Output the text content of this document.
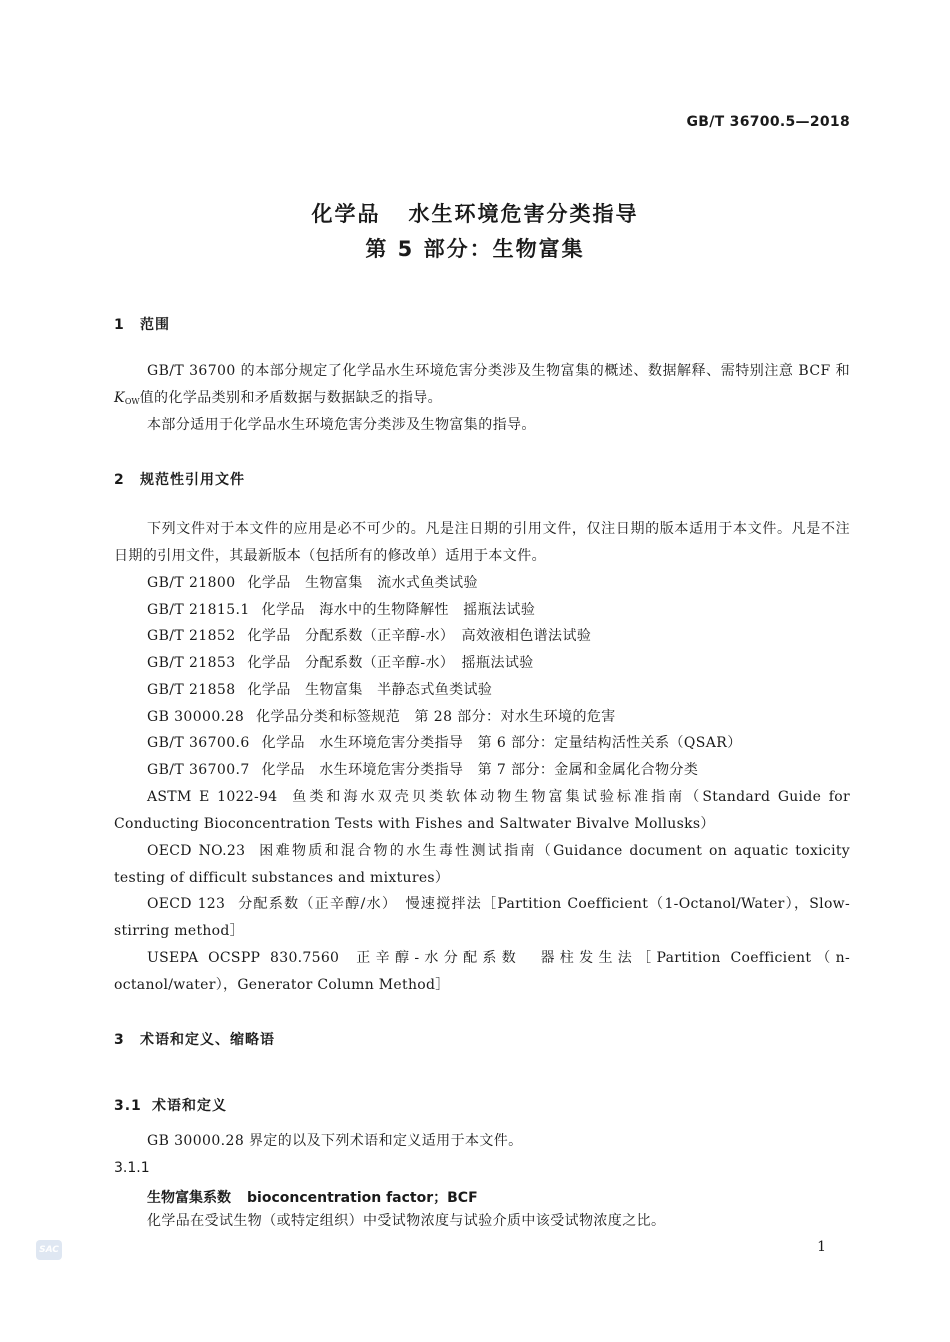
GB/T 36700.5—2018
化学品 水生环境危害分类指导
第 5 部分：生物富集
1 范围
GB/T 36700 的本部分规定了化学品水生环境危害分类涉及生物富集的概述、数据解释、需特别注意 BCF 和 $K_{OW}$值的化学品类别和矛盾数据与数据缺乏的指导。
本部分适用于化学品水生环境危害分类涉及生物富集的指导。
2 规范性引用文件
下列文件对于本文件的应用是必不可少的。凡是注日期的引用文件，仅注日期的版本适用于本文件。凡是不注日期的引用文件，其最新版本（包括所有的修改单）适用于本文件。
GB/T 21800 化学品　生物富集　流水式鱼类试验
GB/T 21815.1 化学品　海水中的生物降解性　摇瓶法试验
GB/T 21852 化学品　分配系数（正辛醇-水）　高效液相色谱法试验
GB/T 21853 化学品　分配系数（正辛醇-水）　摇瓶法试验
GB/T 21858 化学品　生物富集　半静态式鱼类试验
GB 30000.28 化学品分类和标签规范　第 28 部分：对水生环境的危害
GB/T 36700.6 化学品　水生环境危害分类指导　第 6 部分：定量结构活性关系（QSAR）
GB/T 36700.7 化学品　水生环境危害分类指导　第 7 部分：金属和金属化合物分类
ASTM E 1022-94 鱼类和海水双壳贝类软体动物生物富集试验标准指南（Standard Guide for Conducting Bioconcentration Tests with Fishes and Saltwater Bivalve Mollusks）
OECD NO.23 困难物质和混合物的水生毒性测试指南（Guidance document on aquatic toxicity testing of difficult substances and mixtures）
OECD 123 分配系数（正辛醇/水）　慢速搅拌法［Partition Coefficient（1-Octanol/Water），Slow-stirring method］
USEPA OCSPP 830.7560 正辛醇-水分配系数　器柱发生法［Partition Coefficient（n-octanol/water），Generator Column Method］
3 术语和定义、缩略语
3.1 术语和定义
GB 30000.28 界定的以及下列术语和定义适用于本文件。
3.1.1
生物富集系数 bioconcentration factor；BCF
化学品在受试生物（或特定组织）中受试物浓度与试验介质中该受试物浓度之比。
SAC	1
